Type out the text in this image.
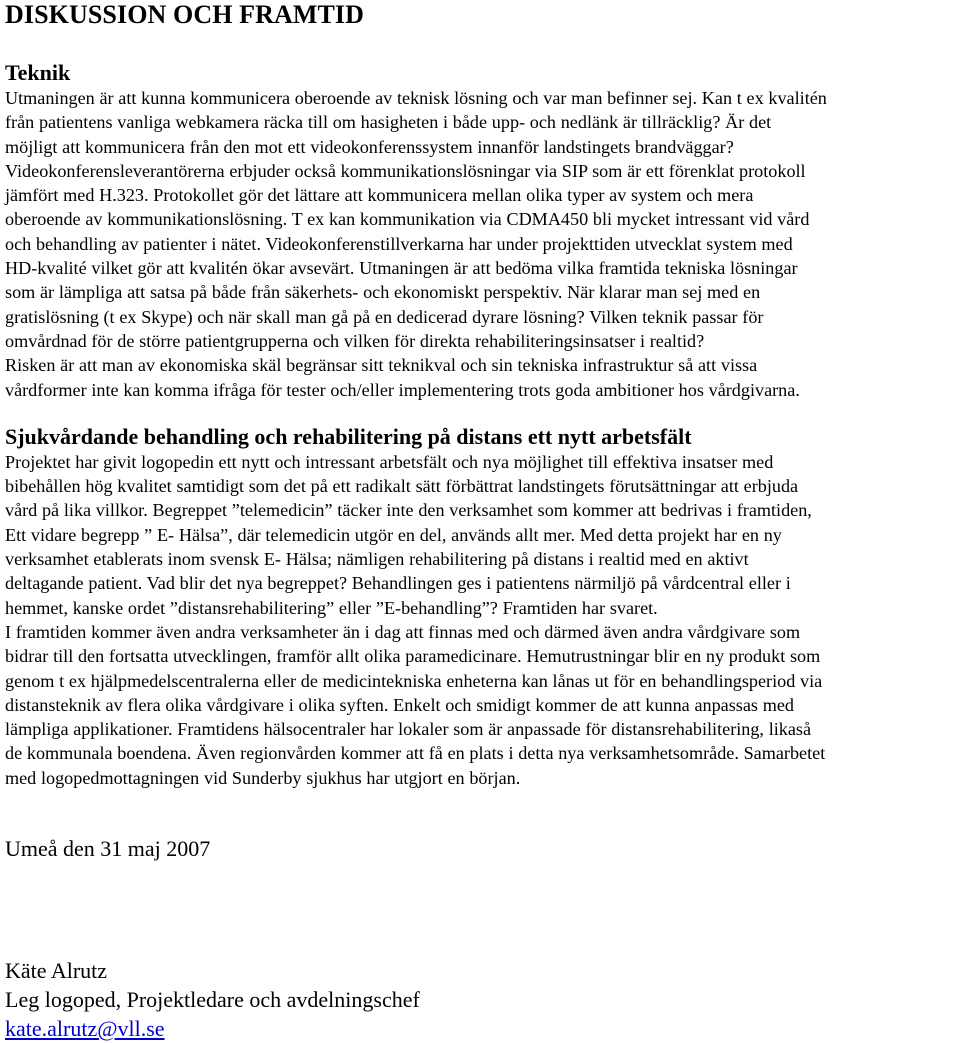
DISKUSSION OCH FRAMTID
Teknik
Utmaningen är att kunna kommunicera oberoende av teknisk lösning och var man befinner sej. Kan t ex kvalitén
från patientens vanliga webkamera räcka till om hasigheten i både upp- och nedlänk är tillräcklig? Är det
möjligt att kommunicera från den mot ett videokonferenssystem innanför landstingets brandväggar?
Videokonferensleverantörerna erbjuder också kommunikationslösningar via SIP som är ett förenklat protokoll
jämfört med H.323. Protokollet gör det lättare att kommunicera mellan olika typer av system och mera
oberoende av kommunikationslösning. T ex kan kommunikation via CDMA450 bli mycket intressant vid vård
och behandling av patienter i nätet. Videokonferenstillverkarna har under projekttiden utvecklat system med
HD-kvalité vilket gör att kvalitén ökar avsevärt. Utmaningen är att bedöma vilka framtida tekniska lösningar
som är lämpliga att satsa på både från säkerhets- och ekonomiskt perspektiv. När klarar man sej med en
gratislösning (t ex Skype) och när skall man gå på en dedicerad dyrare lösning? Vilken teknik passar för
omvårdnad för de större patientgrupperna och vilken för direkta rehabiliteringsinsatser i realtid?
Risken är att man av ekonomiska skäl begränsar sitt teknikval och sin tekniska infrastruktur så att vissa
vårdformer inte kan komma ifråga för tester och/eller implementering trots goda ambitioner hos vårdgivarna.
Sjukvårdande behandling och rehabilitering på distans ett nytt arbetsfält
Projektet har givit logopedin ett nytt och intressant arbetsfält och nya möjlighet till effektiva insatser med
bibehållen hög kvalitet samtidigt som det på ett radikalt sätt förbättrat landstingets förutsättningar att erbjuda
vård på lika villkor. Begreppet ”telemedicin” täcker inte den verksamhet som kommer att bedrivas i framtiden,
Ett vidare begrepp ” E- Hälsa”, där telemedicin utgör en del, används allt mer. Med detta projekt har en ny
verksamhet etablerats inom svensk E- Hälsa; nämligen rehabilitering på distans i realtid med en aktivt
deltagande patient. Vad blir det nya begreppet? Behandlingen ges i patientens närmiljö på vårdcentral eller i
hemmet, kanske ordet ”distansrehabilitering” eller ”E-behandling”? Framtiden har svaret.
I framtiden kommer även andra verksamheter än i dag att finnas med och därmed även andra vårdgivare som
bidrar till den fortsatta utvecklingen, framför allt olika paramedicinare. Hemutrustningar blir en ny produkt som
genom t ex hjälpmedelscentralerna eller de medicintekniska enheterna kan lånas ut för en behandlingsperiod via
distansteknik av flera olika vårdgivare i olika syften. Enkelt och smidigt kommer de att kunna anpassas med
lämpliga applikationer. Framtidens hälsocentraler har lokaler som är anpassade för distansrehabilitering, likaså
de kommunala boendena. Även regionvården kommer att få en plats i detta nya verksamhetsområde. Samarbetet
med logopedmottagningen vid Sunderby sjukhus har utgjort en början.

Umeå den 31 maj 2007

Käte Alrutz
Leg logoped, Projektledare och avdelningschef
kate.alrutz@vll.se
